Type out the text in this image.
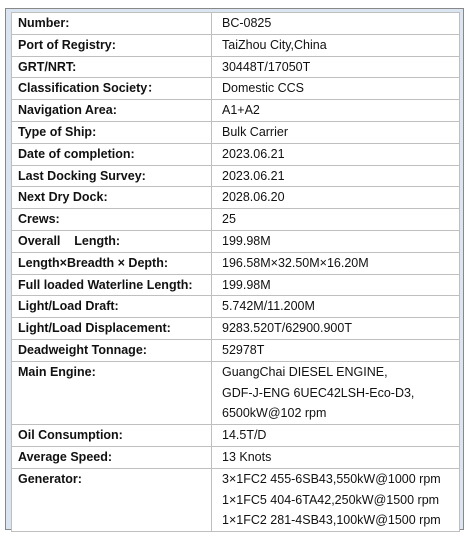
Number:	BC-0825
Port of Registry:	TaiZhou City,China
GRT/NRT:	30448T/17050T
Classification Society：	Domestic CCS
Navigation Area:	A1+A2
Type of Ship:	Bulk Carrier
Date of completion:	2023.06.21
Last Docking Survey:	2023.06.21
Next Dry Dock:	2028.06.20
Crews:	25
Overall    Length:	199.98M
Length×Breadth × Depth:	196.58M×32.50M×16.20M
Full loaded Waterline Length:	199.98M
Light/Load Draft:	5.742M/11.200M
Light/Load Displacement:	9283.520T/62900.900T
Deadweight Tonnage:	52978T
Main Engine:	GuangChai DIESEL ENGINE,
GDF-J-ENG 6UEC42LSH-Eco-D3,
6500kW@102 rpm

Oil Consumption:	14.5T/D
Average Speed:	13 Knots
Generator:	3×1FC2 455-6SB43,550kW@1000 rpm
1×1FC5 404-6TA42,250kW@1500 rpm
1×1FC2 281-4SB43,100kW@1500 rpm
